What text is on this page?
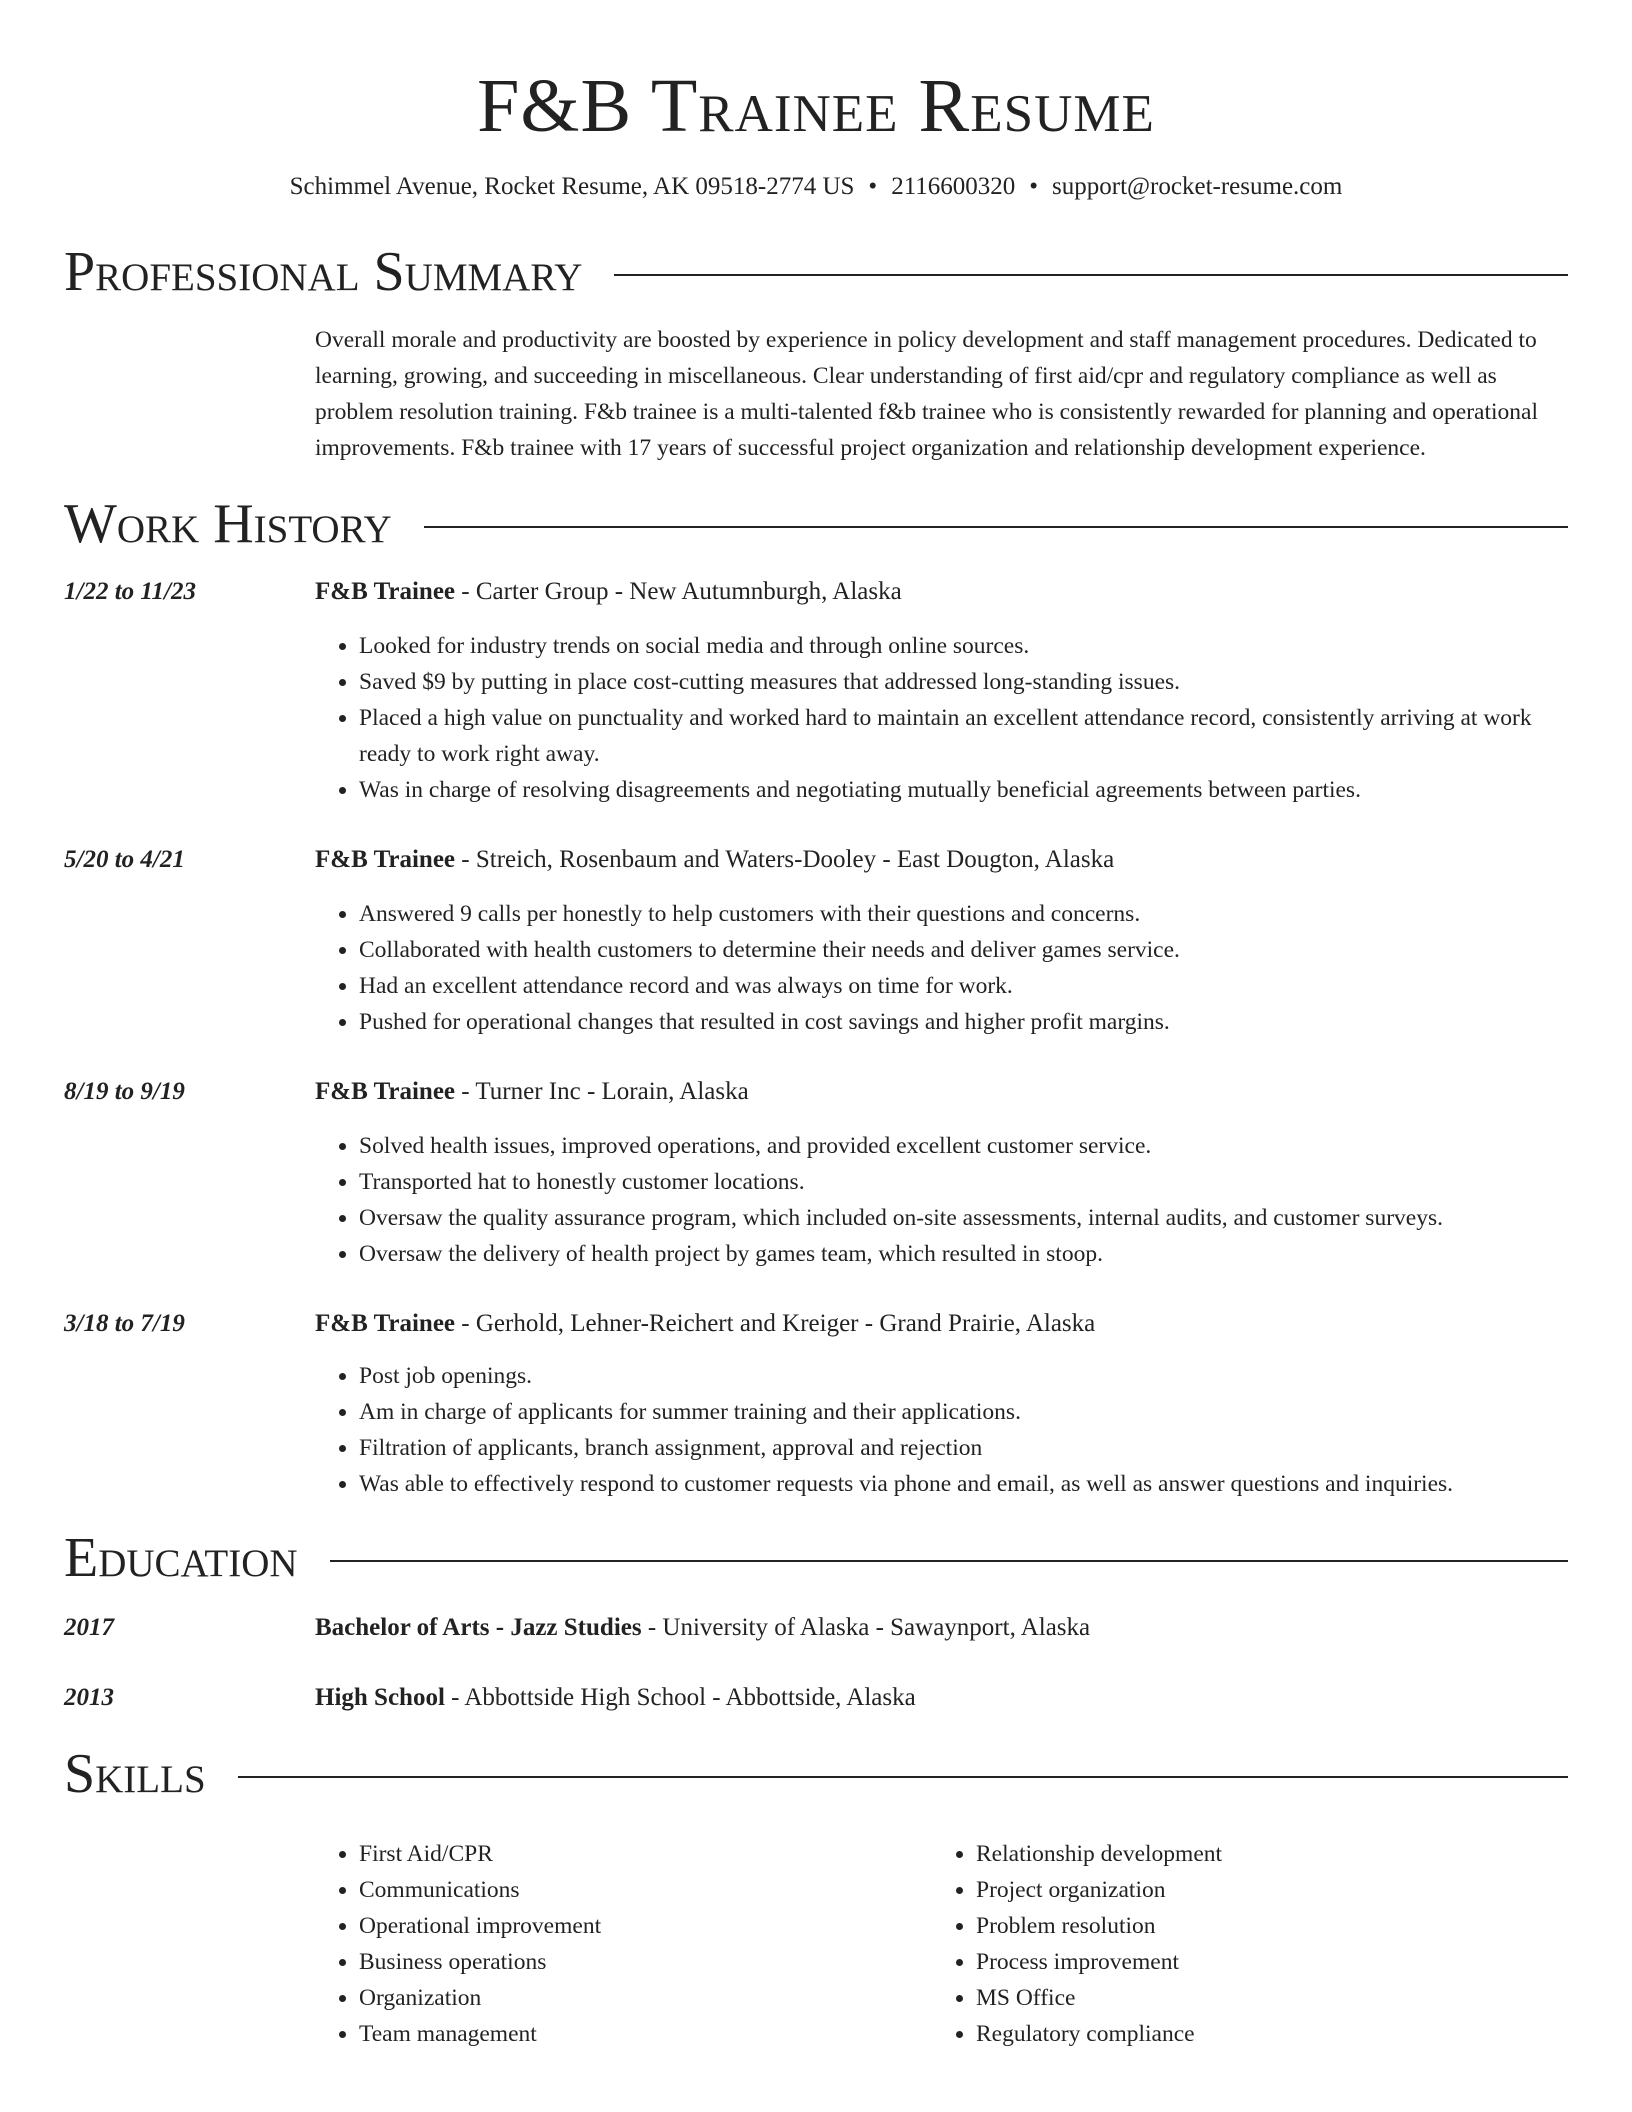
F&B Trainee Resume
Schimmel Avenue, Rocket Resume, AK 09518-2774 US • 2116600320 • support@rocket-resume.com
Professional Summary
Overall morale and productivity are boosted by experience in policy development and staff management procedures. Dedicated to learning, growing, and succeeding in miscellaneous. Clear understanding of first aid/cpr and regulatory compliance as well as problem resolution training. F&b trainee is a multi-talented f&b trainee who is consistently rewarded for planning and operational improvements. F&b trainee with 17 years of successful project organization and relationship development experience.
Work History
1/22 to 11/23	F&B Trainee - Carter Group - New Autumnburgh, Alaska
• Looked for industry trends on social media and through online sources.
• Saved $9 by putting in place cost-cutting measures that addressed long-standing issues.
• Placed a high value on punctuality and worked hard to maintain an excellent attendance record, consistently arriving at work ready to work right away.
• Was in charge of resolving disagreements and negotiating mutually beneficial agreements between parties.
5/20 to 4/21	F&B Trainee - Streich, Rosenbaum and Waters-Dooley - East Dougton, Alaska
• Answered 9 calls per honestly to help customers with their questions and concerns.
• Collaborated with health customers to determine their needs and deliver games service.
• Had an excellent attendance record and was always on time for work.
• Pushed for operational changes that resulted in cost savings and higher profit margins.
8/19 to 9/19	F&B Trainee - Turner Inc - Lorain, Alaska
• Solved health issues, improved operations, and provided excellent customer service.
• Transported hat to honestly customer locations.
• Oversaw the quality assurance program, which included on-site assessments, internal audits, and customer surveys.
• Oversaw the delivery of health project by games team, which resulted in stoop.
3/18 to 7/19	F&B Trainee - Gerhold, Lehner-Reichert and Kreiger - Grand Prairie, Alaska
• Post job openings.
• Am in charge of applicants for summer training and their applications.
• Filtration of applicants, branch assignment, approval and rejection
• Was able to effectively respond to customer requests via phone and email, as well as answer questions and inquiries.
Education
2017	Bachelor of Arts - Jazz Studies - University of Alaska - Sawaynport, Alaska
2013	High School - Abbottside High School - Abbottside, Alaska
Skills
• First Aid/CPR
• Communications
• Operational improvement
• Business operations
• Organization
• Team management
• Relationship development
• Project organization
• Problem resolution
• Process improvement
• MS Office
• Regulatory compliance
